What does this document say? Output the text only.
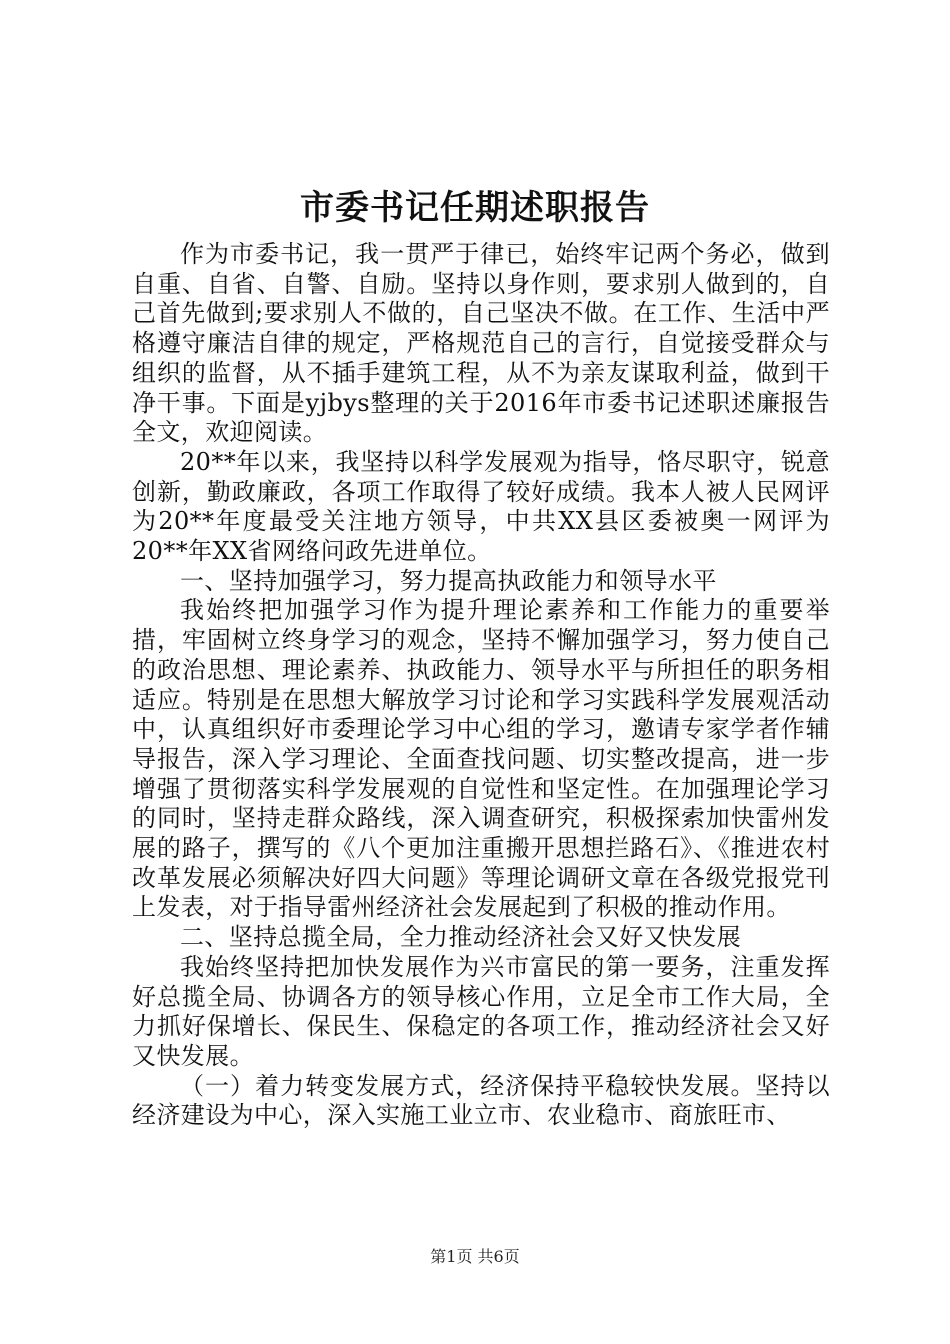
市委书记任期述职报告

作为市委书记，我一贯严于律已，始终牢记两个务必，做到自重、自省、自警、自励。坚持以身作则，要求别人做到的，自己首先做到;要求别人不做的，自己坚决不做。在工作、生活中严格遵守廉洁自律的规定，严格规范自己的言行，自觉接受群众与组织的监督，从不插手建筑工程，从不为亲友谋取利益，做到干净干事。下面是yjbys整理的关于2016年市委书记述职述廉报告全文，欢迎阅读。

20**年以来，我坚持以科学发展观为指导，恪尽职守，锐意创新，勤政廉政，各项工作取得了较好成绩。我本人被人民网评为20**年度最受关注地方领导，中共XX县区委被奥一网评为20**年XX省网络问政先进单位。

一、坚持加强学习，努力提高执政能力和领导水平

我始终把加强学习作为提升理论素养和工作能力的重要举措，牢固树立终身学习的观念，坚持不懈加强学习，努力使自己的政治思想、理论素养、执政能力、领导水平与所担任的职务相适应。特别是在思想大解放学习讨论和学习实践科学发展观活动中，认真组织好市委理论学习中心组的学习，邀请专家学者作辅导报告，深入学习理论、全面查找问题、切实整改提高，进一步增强了贯彻落实科学发展观的自觉性和坚定性。在加强理论学习的同时，坚持走群众路线，深入调查研究，积极探索加快雷州发展的路子，撰写的《八个更加注重搬开思想拦路石》、《推进农村改革发展必须解决好四大问题》等理论调研文章在各级党报党刊上发表，对于指导雷州经济社会发展起到了积极的推动作用。

二、坚持总揽全局，全力推动经济社会又好又快发展

我始终坚持把加快发展作为兴市富民的第一要务，注重发挥好总揽全局、协调各方的领导核心作用，立足全市工作大局，全力抓好保增长、保民生、保稳定的各项工作，推动经济社会又好又快发展。

（一）着力转变发展方式，经济保持平稳较快发展。坚持以经济建设为中心，深入实施工业立市、农业稳市、商旅旺市、

第1页 共6页
